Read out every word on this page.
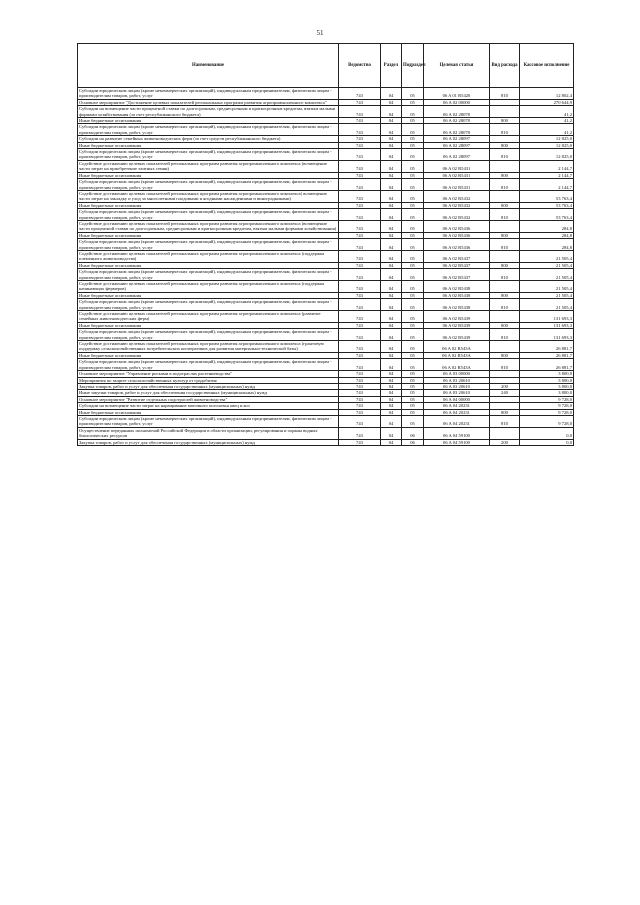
51
Наименование	Ведомство	Раздел	Подраздел	Целевая статья	Вид расхода	Кассовое исполнение
Субсидии юридическим лицам (кроме некоммерческих организаций), индивидуальным предпринимателям, физическим лицам - производителям товаров, работ, услуг	743	04	05	06 A 01 R5420	810	12 802,4
Основное мероприятие "Достижение целевых показателей региональных программ развития агропромышленного комплекса"	743	04	05	06 A 02 00000		270 644,9
Субсидии на возмещение части процентной ставки по долгосрочным, среднесрочным и краткосрочным кредитам, взятым малыми формами хозяйствования (за счет республиканского бюджета)	743	04	05	06 A 02 28078		41,2
Иные бюджетные ассигнования	743	04	05	06 A 02 28078	800	41,2
Субсидии юридическим лицам (кроме некоммерческих организаций), индивидуальным предпринимателям, физическим лицам - производителям товаров, работ, услуг	743	04	05	06 A 02 28078	810	41,2
Субсидии на развитие семейных животноводческих ферм (за счет средств республиканского бюджета)	743	04	05	06 A 02 28097		12 825,0
Иные бюджетные ассигнования	743	04	05	06 A 02 28097	800	12 825,0
Субсидии юридическим лицам (кроме некоммерческих организаций), индивидуальным предпринимателям, физическим лицам - производителям товаров, работ, услуг	743	04	05	06 A 02 28097	810	12 825,0
Содействие достижению целевых показателей региональных программ развития агропромышленного комплекса (возмещение части затрат на приобретение элитных семян)	743	04	05	06 A 02 R5431		2 144,7
Иные бюджетные ассигнования	743	04	05	06 A 02 R5431	800	2 144,7
Субсидии юридическим лицам (кроме некоммерческих организаций), индивидуальным предпринимателям, физическим лицам - производителям товаров, работ, услуг	743	04	05	06 A 02 R5431	810	2 144,7
Содействие достижению целевых показателей региональных программ развития агропромышленного комплекса( возмещение части затрат на закладку и уход за многолетними плодовыми и ягодными насаждениями и виноградниками)	743	04	05	06 A 02 R5432		53 763,4
Иные бюджетные ассигнования	743	04	05	06 A 02 R5432	800	53 763,4
Субсидии юридическим лицам (кроме некоммерческих организаций), индивидуальным предпринимателям, физическим лицам - производителям товаров, работ, услуг	743	04	05	06 A 02 R5432	810	53 763,4
Содействие достижению целевых показателей региональных программ развития агропромышленного комплекса (возмещение части процентной ставки по долгосрочным, среднесрочным и краткосрочным кредитам, взятым малыми формами хозяйствования)	743	04	05	06 A 02 R5436		284,8
Иные бюджетные ассигнования	743	04	05	06 A 02 R5436	800	284,8
Субсидии юридическим лицам (кроме некоммерческих организаций), индивидуальным предпринимателям, физическим лицам - производителям товаров, работ, услуг	743	04	05	06 A 02 R5436	810	284,8
Содействие достижению целевых показателей региональных программ развития агропромышленного комплекса (поддержка племенного животноводства)	743	04	05	06 A 02 R5437		21 505,4
Иные бюджетные ассигнования	743	04	05	06 A 02 R5437	800	21 505,4
Субсидии юридическим лицам (кроме некоммерческих организаций), индивидуальным предпринимателям, физическим лицам - производителям товаров, работ, услуг	743	04	05	06 A 02 R5437	810	21 505,4
Содействие достижению целевых показателей региональных программ развития агропромышленного комплекса (поддержка начинающих фермеров)	743	04	05	06 A 02 R5438		21 505,4
Иные бюджетные ассигнования	743	04	05	06 A 02 R5438	800	21 505,4
Субсидии юридическим лицам (кроме некоммерческих организаций), индивидуальным предпринимателям, физическим лицам - производителям товаров, работ, услуг	743	04	05	06 A 02 R5438	810	21 505,4
Содействие достижению целевых показателей региональных программ развития агропромышленного комплекса (развитие семейных животноводческих ферм)	743	04	05	06 A 02 R5439		131 693,3
Иные бюджетные ассигнования	743	04	05	06 A 02 R5439	800	131 693,3
Субсидии юридическим лицам (кроме некоммерческих организаций), индивидуальным предпринимателям, физическим лицам - производителям товаров, работ, услуг	743	04	05	06 A 02 R5439	810	131 693,3
Содействие достижению целевых показателей региональных программ развития агропромышленного комплекса (грантовую поддержку сельскохозяйственных потребительских кооперативов для развития материально-технической базы)	743	04	05	06 A 02 R543A		26 881,7
Иные бюджетные ассигнования	743	04	05	06 A 02 R543A	800	26 881,7
Субсидии юридическим лицам (кроме некоммерческих организаций), индивидуальным предпринимателям, физическим лицам - производителям товаров, работ, услуг	743	04	05	06 A 02 R543A	810	26 881,7
Основное мероприятие "Управление рисками в подотраслях растениеводства"	743	04	05	06 A 03 00000		3 800,0
Мероприятия по защите сельскохозяйственных культур от градобития	743	04	05	06 A 03 20610		3 800,0
Закупка товаров, работ и услуг для обеспечения государственных (муниципальных) нужд	743	04	05	06 A 03 20610	200	3 800,0
Иные закупки товаров, работ и услуг для обеспечения государственных (муниципальных) нужд	743	04	05	06 A 03 20610	240	3 800,0
Основное мероприятие "Развитие отдельных подотраслей животноводства"	743	04	05	06 A 04 00000		9 728,0
Субсидии на возмещение части затрат на наращивание маточного поголовья овец и коз	743	04	05	06 A 04 20231		9 728,0
Иные бюджетные ассигнования	743	04	05	06 A 04 20231	800	9 728,0
Субсидии юридическим лицам (кроме некоммерческих организаций), индивидуальным предпринимателям, физическим лицам - производителям товаров, работ, услуг	743	04	05	06 A 04 20231	810	9 728,0
Осуществление переданных полномочий Российской Федерации в области организации, регулирования и охраны водных биологических ресурсов	743	04	06	06 A 04 59100		0,0
Закупка товаров, работ и услуг для обеспечения государственных (муниципальных) нужд	743	04	06	06 A 04 59100	200	0,0
